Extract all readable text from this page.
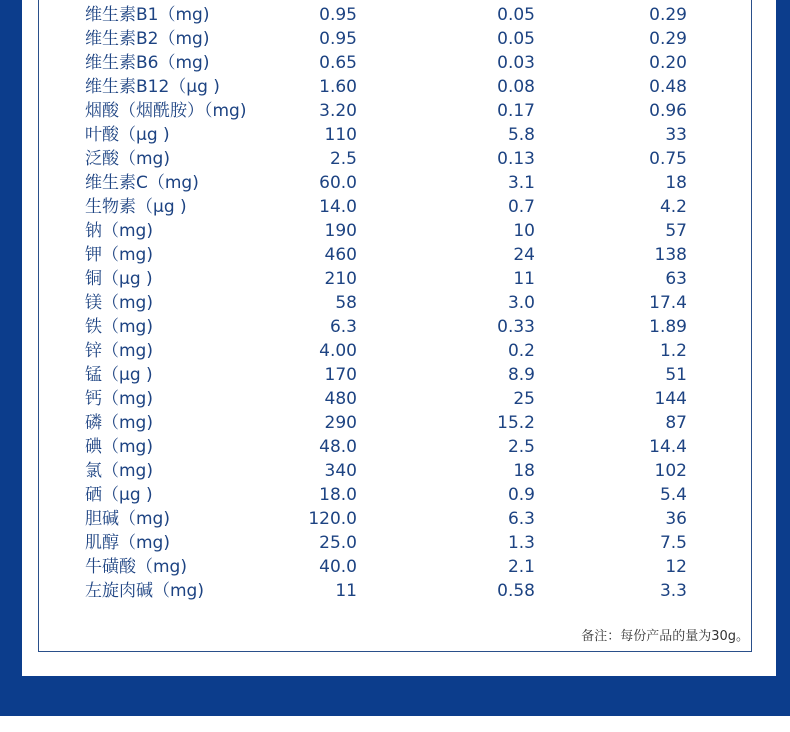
维生素B1（mg)	0.95	0.05	0.29
维生素B2（mg)	0.95	0.05	0.29
维生素B6（mg)	0.65	0.03	0.20
维生素B12（μg )	1.60	0.08	0.48
烟酸（烟酰胺）（mg)	3.20	0.17	0.96
叶酸（μg )	110	5.8	33
泛酸（mg)	2.5	0.13	0.75
维生素C（mg)	60.0	3.1	18
生物素（μg )	14.0	0.7	4.2
钠（mg)	190	10	57
钾（mg)	460	24	138
铜（μg )	210	11	63
镁（mg)	58	3.0	17.4
铁（mg)	6.3	0.33	1.89
锌（mg)	4.00	0.2	1.2
锰（μg )	170	8.9	51
钙（mg)	480	25	144
磷（mg)	290	15.2	87
碘（mg)	48.0	2.5	14.4
氯（mg)	340	18	102
硒（μg )	18.0	0.9	5.4
胆碱（mg)	120.0	6.3	36
肌醇（mg)	25.0	1.3	7.5
牛磺酸（mg)	40.0	2.1	12
左旋肉碱（mg)	11	0.58	3.3
备注：每份产品的量为30g。
